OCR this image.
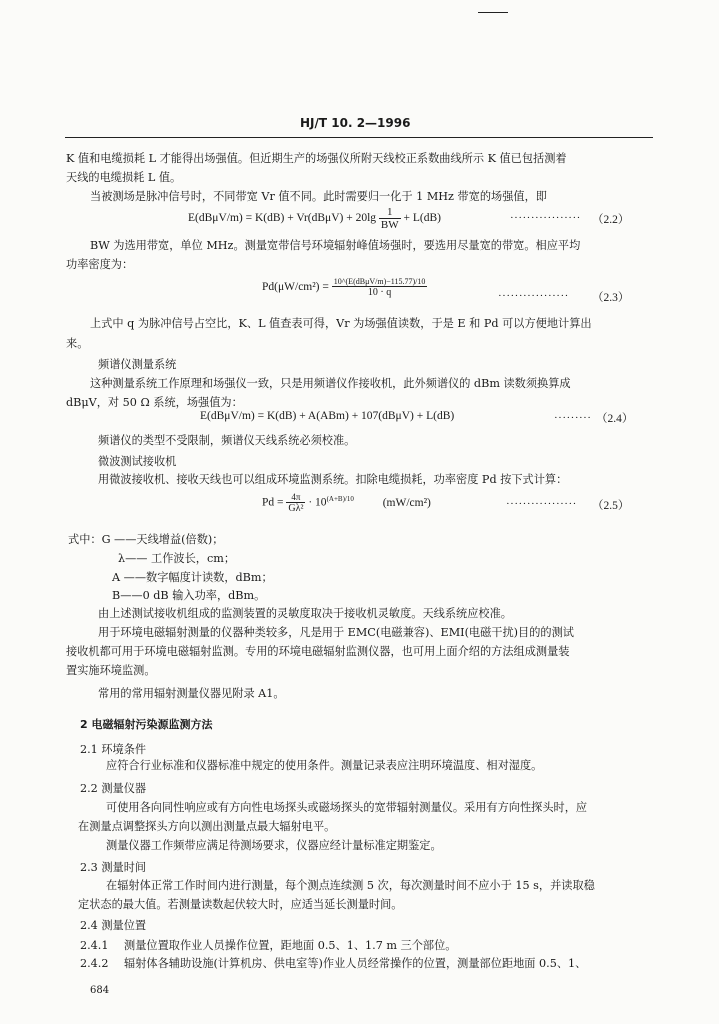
HJ/T 10. 2—1996
K 值和电缆损耗 L 才能得出场强值。但近期生产的场强仪所附天线校正系数曲线所示 K 值已包括测着
天线的电缆损耗 L 值。
当被测场是脉冲信号时，不同带宽 Vr 值不同。此时需要归一化于 1 MHz 带宽的场强值，即
$E(dB\mu V/m) = K(dB) + Vr(dB\mu V) + 20\lg \frac{1}{BW} + L(dB)$	················· （2.2）
BW 为选用带宽，单位 MHz。测量宽带信号环境辐射峰值场强时，要选用尽量宽的带宽。相应平均
功率密度为：
$Pd(\mu W/cm^2) = \frac{\text{10\textasciicircum{}(E(dBμV/m)−115.77)/10}}{10 \cdot q}$	················· （2.3）
上式中 q 为脉冲信号占空比，K、L 值查表可得，Vr 为场强值读数，于是 E 和 Pd 可以方便地计算出
来。
频谱仪测量系统
这种测量系统工作原理和场强仪一致，只是用频谱仪作接收机，此外频谱仪的 dBm 读数须换算成
dBμV，对 50 Ω 系统，场强值为：
E(dBμV/m) = K(dB) + A(ABm) + 107(dBμV) + L(dB)	········· （2.4）
频谱仪的类型不受限制，频谱仪天线系统必须校准。
微波测试接收机
用微波接收机、接收天线也可以组成环境监测系统。扣除电缆损耗，功率密度 Pd 按下式计算：
$Pd = \frac{4\pi}{\text{Gλ²}} \cdot 10^{(A+B)/10}$	(mW/cm²)	················· （2.5）
式中：G ——天线增益(倍数)；
λ—— 工作波长，cm；
A ——数字幅度计读数，dBm；
B——0 dB 输入功率，dBm。
由上述测试接收机组成的监测装置的灵敏度取决于接收机灵敏度。天线系统应校准。
用于环境电磁辐射测量的仪器种类较多，凡是用于 EMC(电磁兼容)、EMI(电磁干扰)目的的测试
接收机都可用于环境电磁辐射监测。专用的环境电磁辐射监测仪器，也可用上面介绍的方法组成测量装
置实施环境监测。
常用的常用辐射测量仪器见附录 A1。
2 电磁辐射污染源监测方法
2.1 环境条件
应符合行业标准和仪器标准中规定的使用条件。测量记录表应注明环境温度、相对湿度。
2.2 测量仪器
可使用各向同性响应或有方向性电场探头或磁场探头的宽带辐射测量仪。采用有方向性探头时，应
在测量点调整探头方向以测出测量点最大辐射电平。
测量仪器工作频带应满足待测场要求，仪器应经计量标准定期鉴定。
2.3 测量时间
在辐射体正常工作时间内进行测量，每个测点连续测 5 次，每次测量时间不应小于 15 s，并读取稳
定状态的最大值。若测量读数起伏较大时，应适当延长测量时间。
2.4 测量位置
2.4.1 测量位置取作业人员操作位置，距地面 0.5、1、1.7 m 三个部位。
2.4.2 辐射体各辅助设施(计算机房、供电室等)作业人员经常操作的位置，测量部位距地面 0.5、1、
684
